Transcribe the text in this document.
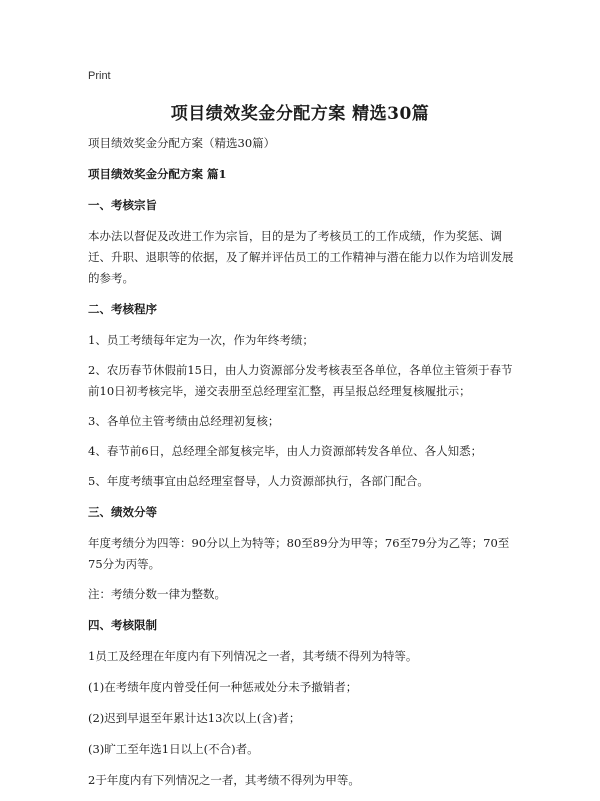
Print
项目绩效奖金分配方案 精选30篇

项目绩效奖金分配方案（精选30篇）

项目绩效奖金分配方案 篇1

一、考核宗旨

本办法以督促及改进工作为宗旨，目的是为了考核员工的工作成绩，作为奖惩、调迁、升职、退职等的依据，及了解并评估员工的工作精神与潜在能力以作为培训发展的参考。

二、考核程序

1、员工考绩每年定为一次，作为年终考绩；

2、农历春节休假前15日，由人力资源部分发考核表至各单位，各单位主管须于春节前10日初考核完毕，递交表册至总经理室汇整，再呈报总经理复核履批示；

3、各单位主管考绩由总经理初复核；

4、春节前6日，总经理全部复核完毕，由人力资源部转发各单位、各人知悉；

5、年度考绩事宜由总经理室督导，人力资源部执行，各部门配合。

三、绩效分等

年度考绩分为四等：90分以上为特等；80至89分为甲等；76至79分为乙等；70至75分为丙等。

注：考绩分数一律为整数。

四、考核限制

1员工及经理在年度内有下列情况之一者，其考绩不得列为特等。

(1)在考绩年度内曾受任何一种惩戒处分未予撤销者；

(2)迟到早退至年累计达13次以上(含)者；

(3)旷工至年选1日以上(不合)者。

2于年度内有下列情况之一者，其考绩不得列为甲等。
